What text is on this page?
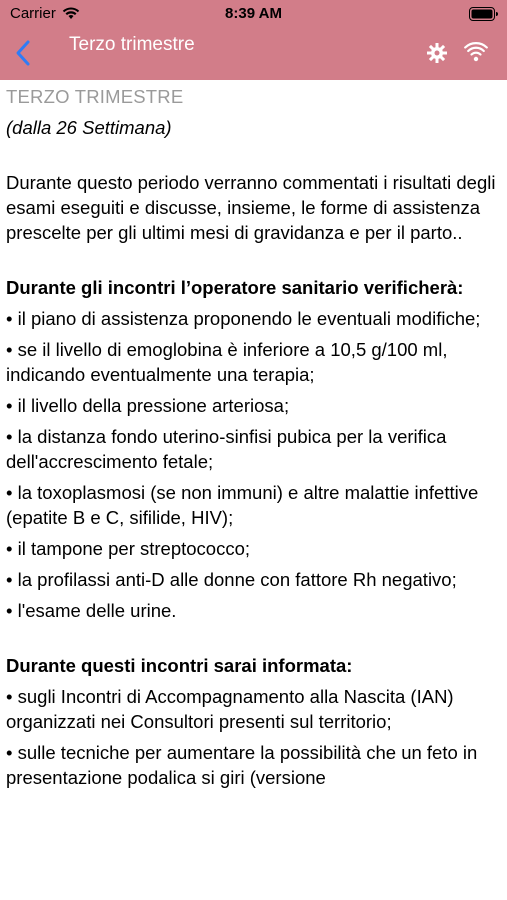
Carrier	8:39 AM
Terzo trimestre

TERZO TRIMESTRE

(dalla 26 Settimana)

Durante questo periodo verranno commentati i risultati degli esami eseguiti e discusse, insieme, le forme di assistenza prescelte per gli ultimi mesi di gravidanza e per il parto..

Durante gli incontri l’operatore sanitario verificherà:

• il piano di assistenza proponendo le eventuali modifiche;

• se il livello di emoglobina è inferiore a 10,5 g/100 ml, indicando eventualmente una terapia;

• il livello della pressione arteriosa;

• la distanza fondo uterino-sinfisi pubica per la verifica dell'accrescimento fetale;

• la toxoplasmosi (se non immuni) e altre malattie infettive (epatite B e C, sifilide, HIV);

• il tampone per streptococco;

• la profilassi anti-D alle donne con fattore Rh negativo;

• l'esame delle urine.

Durante questi incontri sarai informata:

• sugli Incontri di Accompagnamento alla Nascita (IAN) organizzati nei Consultori presenti sul territorio;

• sulle tecniche per aumentare la possibilità che un feto in presentazione podalica si giri (versione
